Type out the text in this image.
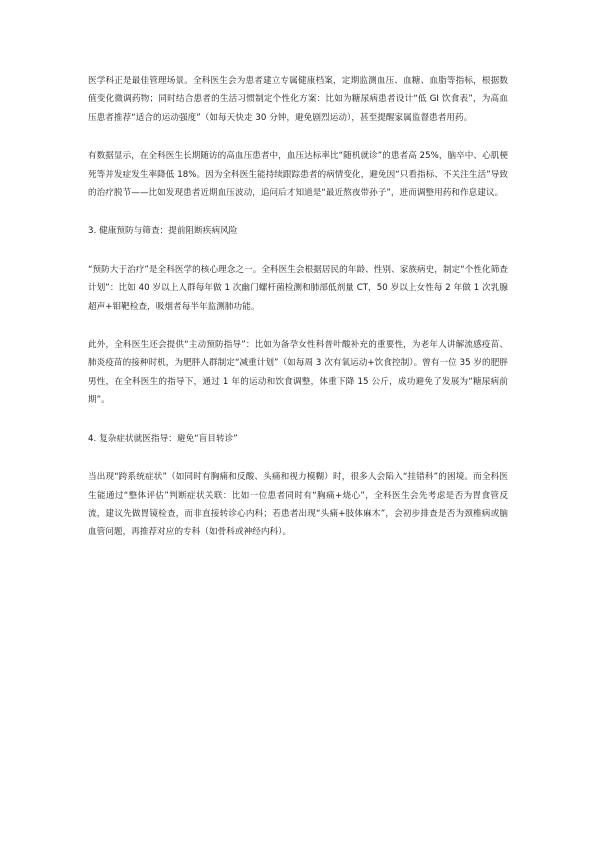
医学科正是最佳管理场景。全科医生会为患者建立专属健康档案，定期监测血压、血糖、血脂等指标，根据数值变化微调药物；同时结合患者的生活习惯制定个性化方案：比如为糖尿病患者设计“低 GI 饮食表”，为高血压患者推荐“适合的运动强度”（如每天快走 30 分钟，避免剧烈运动），甚至提醒家属监督患者用药。

有数据显示，在全科医生长期随访的高血压患者中，血压达标率比“随机就诊”的患者高 25%，脑卒中、心肌梗死等并发症发生率降低 18%。因为全科医生能持续跟踪患者的病情变化，避免因“只看指标、不关注生活”导致的治疗脱节——比如发现患者近期血压波动，追问后才知道是“最近熬夜带孙子”，进而调整用药和作息建议。

3. 健康预防与筛查：提前阻断疾病风险

“预防大于治疗”是全科医学的核心理念之一。全科医生会根据居民的年龄、性别、家族病史，制定“个性化筛查计划”：比如 40 岁以上人群每年做 1 次幽门螺杆菌检测和肺部低剂量 CT，50 岁以上女性每 2 年做 1 次乳腺超声+钼靶检查，吸烟者每半年监测肺功能。

此外，全科医生还会提供“主动预防指导”：比如为备孕女性科普叶酸补充的重要性，为老年人讲解流感疫苗、肺炎疫苗的接种时机，为肥胖人群制定“减重计划”（如每周 3 次有氧运动+饮食控制）。曾有一位 35 岁的肥胖男性，在全科医生的指导下，通过 1 年的运动和饮食调整，体重下降 15 公斤，成功避免了发展为“糖尿病前期”。

4. 复杂症状就医指导：避免“盲目转诊”

当出现“跨系统症状”（如同时有胸痛和反酸、头痛和视力模糊）时，很多人会陷入“挂错科”的困境。而全科医生能通过“整体评估”判断症状关联：比如一位患者同时有“胸痛+烧心”，全科医生会先考虑是否为胃食管反流，建议先做胃镜检查，而非直接转诊心内科；若患者出现“头痛+肢体麻木”，会初步排查是否为颈椎病或脑血管问题，再推荐对应的专科（如骨科或神经内科）。
